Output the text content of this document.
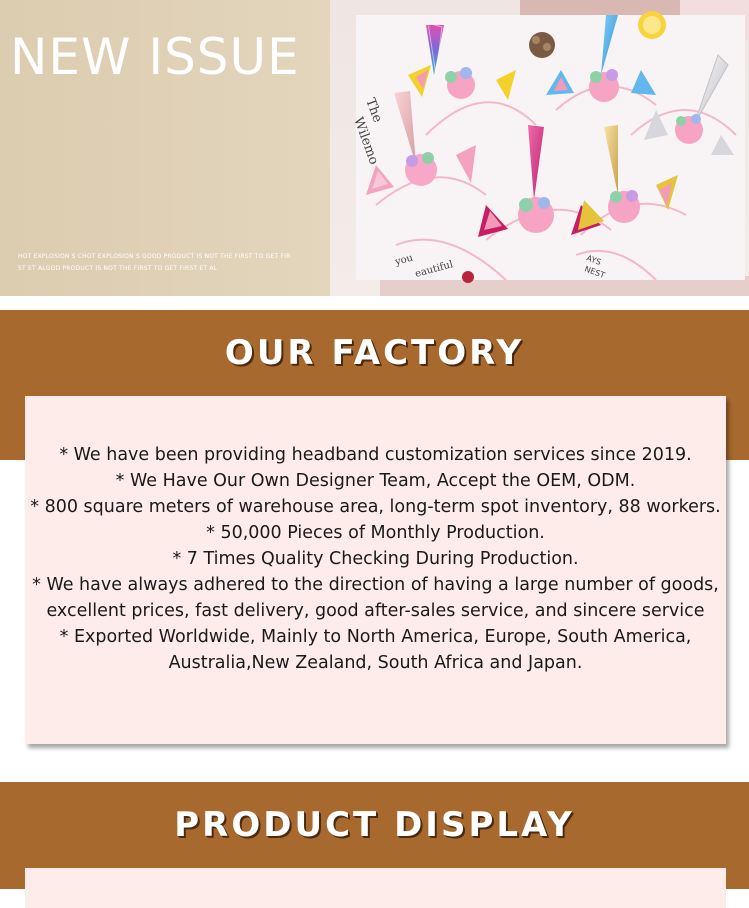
NEW ISSUE
HOT EXPLOSION S CHOT EXPLOSION S GOOD PRODUCT IS NOT THE FIRST TO GET FIR
ST ET ALGOD PRODUCT IS NOT THE FIRST TO GET FIRST ET AL
The
Wilemo
you eautiful	AYS
NEST
OUR FACTORY
* We have been providing headband customization services since 2019.
* We Have Our Own Designer Team, Accept the OEM, ODM.
* 800 square meters of warehouse area, long-term spot inventory, 88 workers.
* 50,000 Pieces of Monthly Production.
* 7 Times Quality Checking During Production.
* We have always adhered to the direction of having a large number of goods,
excellent prices, fast delivery, good after-sales service, and sincere service
* Exported Worldwide, Mainly to North America, Europe, South America,
Australia,New Zealand, South Africa and Japan.
PRODUCT DISPLAY
